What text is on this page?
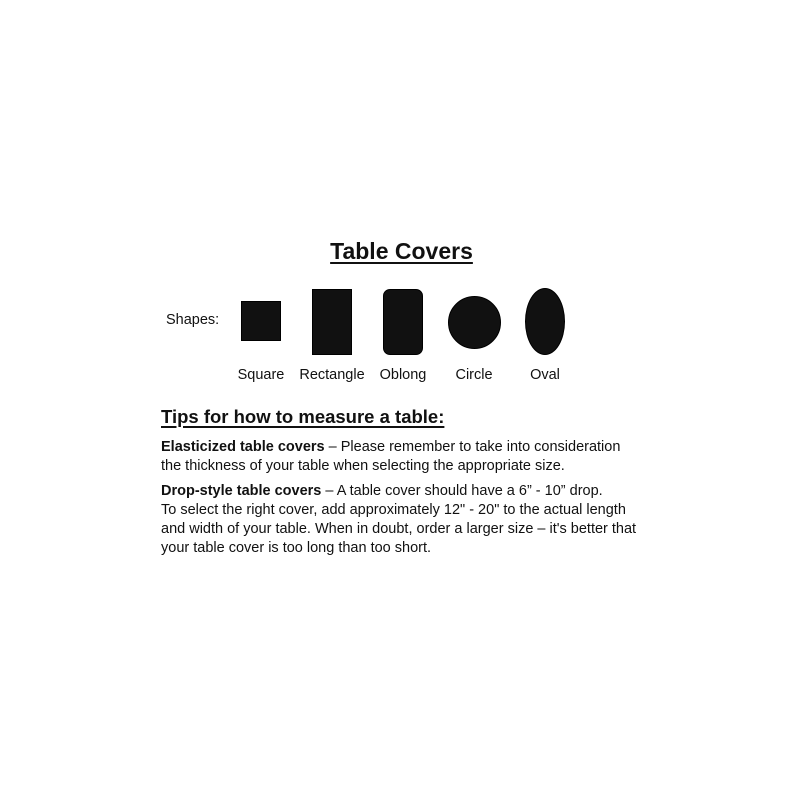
Table Covers
Shapes:
Square	Rectangle	Oblong	Circle	Oval
Tips for how to measure a table:
Elasticized table covers – Please remember to take into consideration
the thickness of your table when selecting the appropriate size.
Drop-style table covers – A table cover should have a 6” - 10” drop.
To select the right cover, add approximately 12" - 20" to the actual length
and width of your table. When in doubt, order a larger size – it's better that
your table cover is too long than too short.
